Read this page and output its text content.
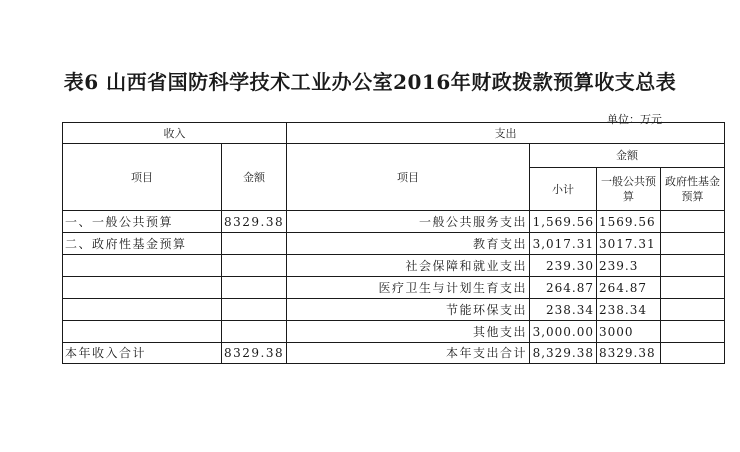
表6 山西省国防科学技术工业办公室2016年财政拨款预算收支总表
单位：万元
收入		支出			
项目	金额	项目	金额		
			小计	一般公共预算	政府性基金预算
一、一般公共预算	8329.38	一般公共服务支出	1,569.56	1569.56	
二、政府性基金预算		教育支出	3,017.31	3017.31	
		社会保障和就业支出	239.30	239.3	
		医疗卫生与计划生育支出	264.87	264.87	
		节能环保支出	238.34	238.34	
		其他支出	3,000.00	3000	
本年收入合计	8329.38	本年支出合计	8,329.38	8329.38	
